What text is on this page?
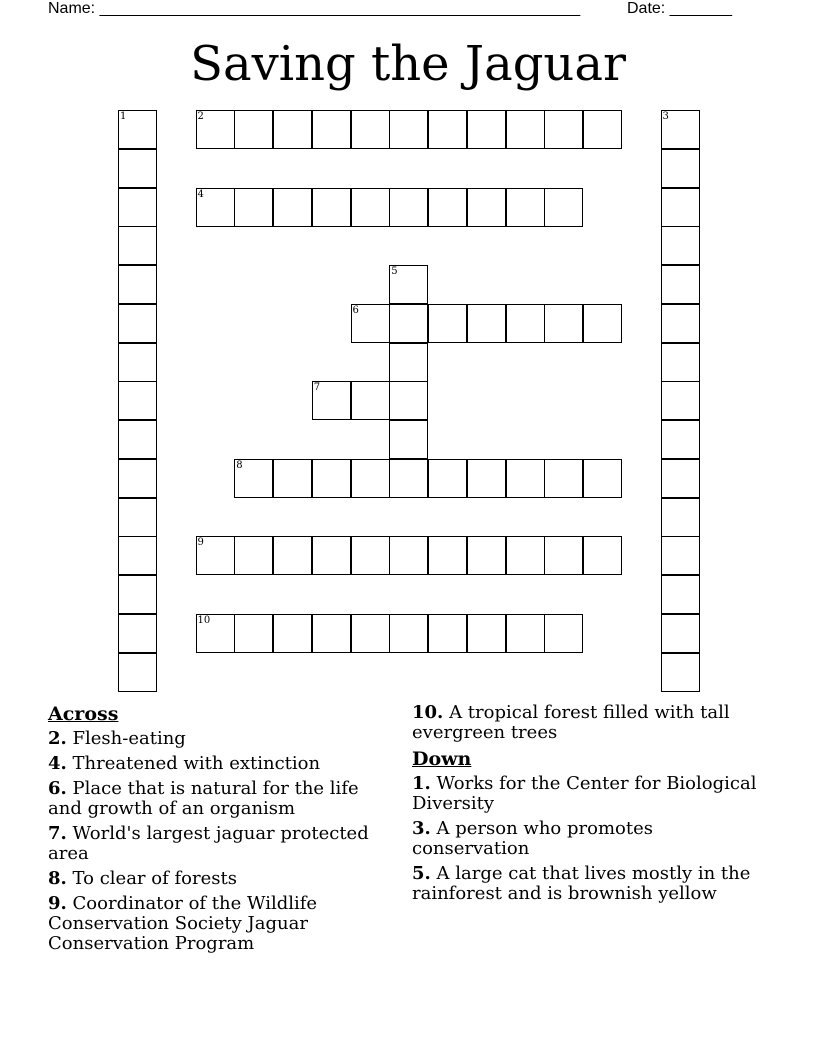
Name: ______________________________________________________	Date: _______
Saving the Jaguar
1	2	3
4
5
6
7
8
9
10
Across
2. Flesh-eating
4. Threatened with extinction
6. Place that is natural for the life and growth of an organism
7. World's largest jaguar protected area
8. To clear of forests
9. Coordinator of the Wildlife Conservation Society Jaguar Conservation Program
10. A tropical forest filled with tall evergreen trees
Down
1. Works for the Center for Biological Diversity
3. A person who promotes conservation
5. A large cat that lives mostly in the rainforest and is brownish yellow
